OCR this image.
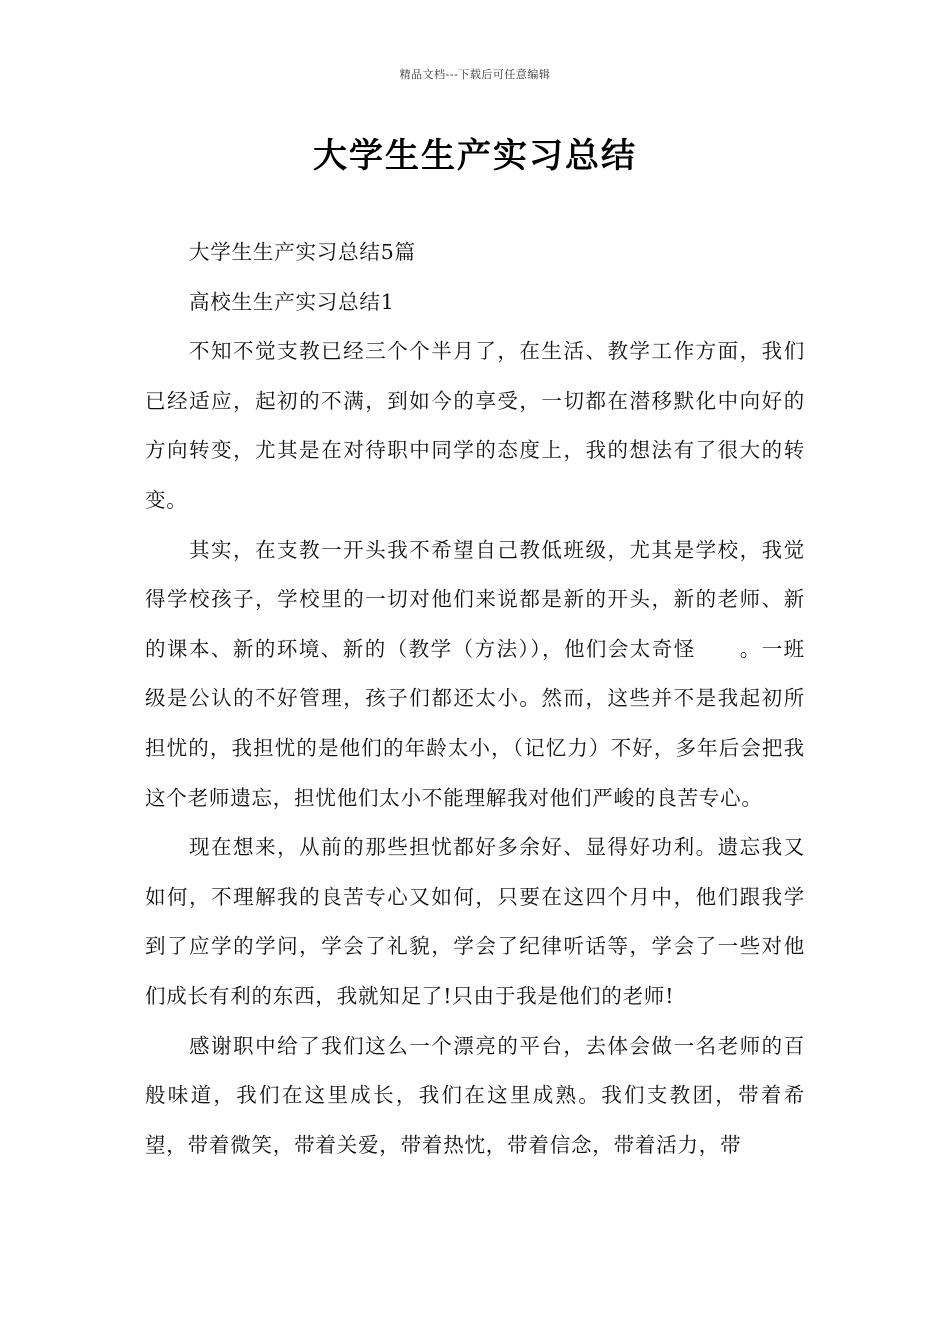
精品文档---下载后可任意编辑
大学生生产实习总结

大学生生产实习总结5篇

高校生生产实习总结1

不知不觉支教已经三个个半月了，在生活、教学工作方面，我们已经适应，起初的不满，到如今的享受，一切都在潜移默化中向好的方向转变，尤其是在对待职中同学的态度上，我的想法有了很大的转变。

其实，在支教一开头我不希望自己教低班级，尤其是学校，我觉得学校孩子，学校里的一切对他们来说都是新的开头，新的老师、新的课本、新的环境、新的（教学（方法）），他们会太奇怪　　。一班级是公认的不好管理，孩子们都还太小。然而，这些并不是我起初所担忧的，我担忧的是他们的年龄太小，（记忆力）不好，多年后会把我这个老师遗忘，担忧他们太小不能理解我对他们严峻的良苦专心。

现在想来，从前的那些担忧都好多余好、显得好功利。遗忘我又如何，不理解我的良苦专心又如何，只要在这四个月中，他们跟我学到了应学的学问，学会了礼貌，学会了纪律听话等，学会了一些对他们成长有利的东西，我就知足了!只由于我是他们的老师!

感谢职中给了我们这么一个漂亮的平台，去体会做一名老师的百般味道，我们在这里成长，我们在这里成熟。我们支教团，带着希望，带着微笑，带着关爱，带着热忱，带着信念，带着活力，带
